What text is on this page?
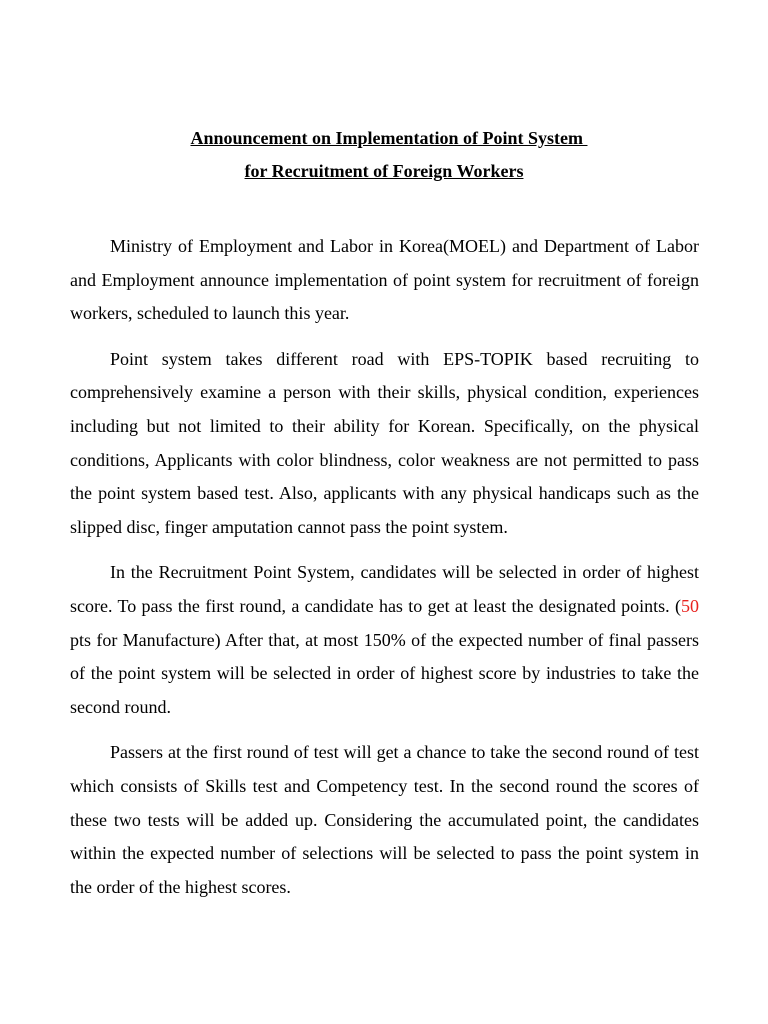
Announcement on Implementation of Point System
for Recruitment of Foreign Workers

Ministry of Employment and Labor in Korea(MOEL) and Department of Labor and Employment announce implementation of point system for recruitment of foreign workers, scheduled to launch this year.

Point system takes different road with EPS-TOPIK based recruiting to comprehensively examine a person with their skills, physical condition, experiences including but not limited to their ability for Korean. Specifically, on the physical conditions, Applicants with color blindness, color weakness are not permitted to pass the point system based test. Also, applicants with any physical handicaps such as the slipped disc, finger amputation cannot pass the point system.

In the Recruitment Point System, candidates will be selected in order of highest score. To pass the first round, a candidate has to get at least the designated points. (50 pts for Manufacture) After that, at most 150% of the expected number of final passers of the point system will be selected in order of highest score by industries to take the second round.

Passers at the first round of test will get a chance to take the second round of test which consists of Skills test and Competency test. In the second round the scores of these two tests will be added up. Considering the accumulated point, the candidates within the expected number of selections will be selected to pass the point system in the order of the highest scores.
